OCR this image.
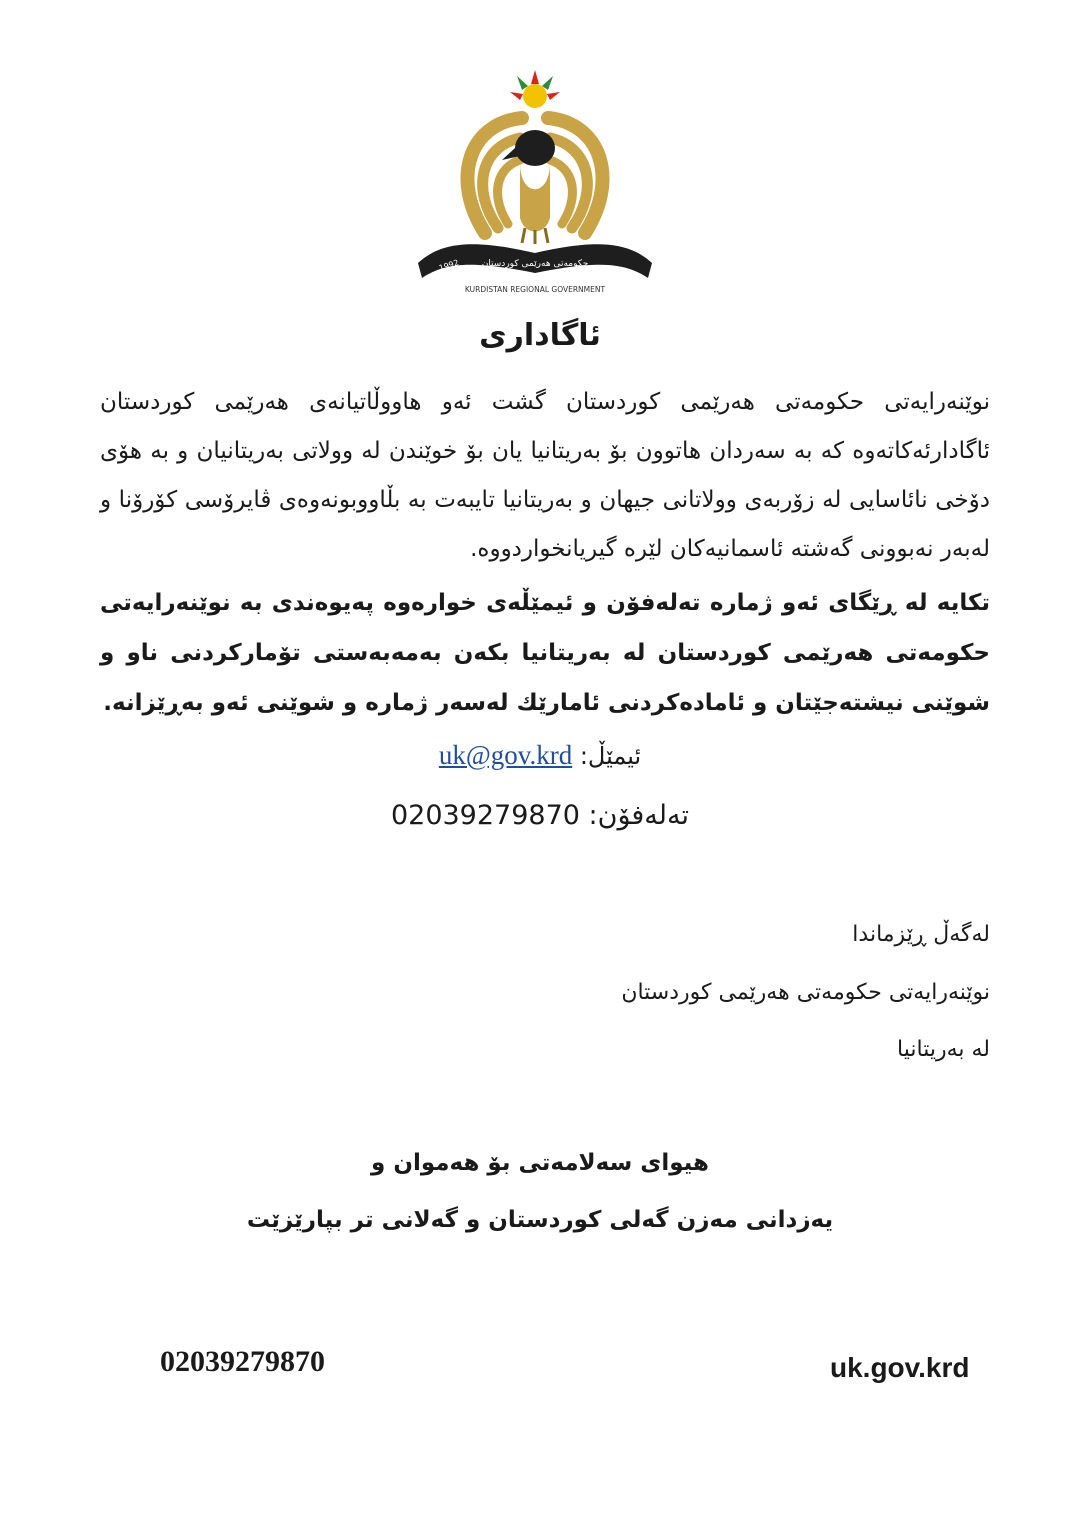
1992 حكومەتی هەرێمی كوردستان
KURDISTAN REGIONAL GOVERNMENT
ئاگاداری
نوێنەرایەتی حکومەتی هەرێمی کوردستان گشت ئەو هاووڵاتیانەی هەرێمی کوردستان ئاگادارئەکاتەوە کە بە سەردان هاتوون بۆ بەریتانیا یان بۆ خوێندن لە وولاتی بەریتانیان و بە هۆی دۆخی نائاسایی لە زۆربەی وولاتانی جیهان و بەریتانیا تایبەت بە بڵاووبونەوەی ڤایرۆسی کۆرۆنا و لەبەر نەبوونی گەشتە ئاسمانیەکان لێرە گیریانخواردووە.
تكایە لە ڕێگای ئەو ژمارە تەلەفۆن و ئیمێڵەی خوارەوە پەیوەندی بە نوێنەرایەتی حكومەتی هەرێمی كوردستان لە بەریتانیا بكەن بەمەبەستی تۆماركردنی ناو و شوێنی نیشتەجێتان و ئامادەكردنی ئامارێك لەسەر ژمارە و شوێنی ئەو بەڕێزانە.
ئیمێڵ: uk@gov.krd
تەلەفۆن: 02039279870
لەگەڵ ڕێزماندا
نوێنەرایەتی حکومەتی هەرێمی کوردستان
لە بەریتانیا
هیوای سەلامەتی بۆ هەموان و
یەزدانی مەزن گەلی کوردستان و گەلانی تر بپارێزێت
02039279870	uk.gov.krd
